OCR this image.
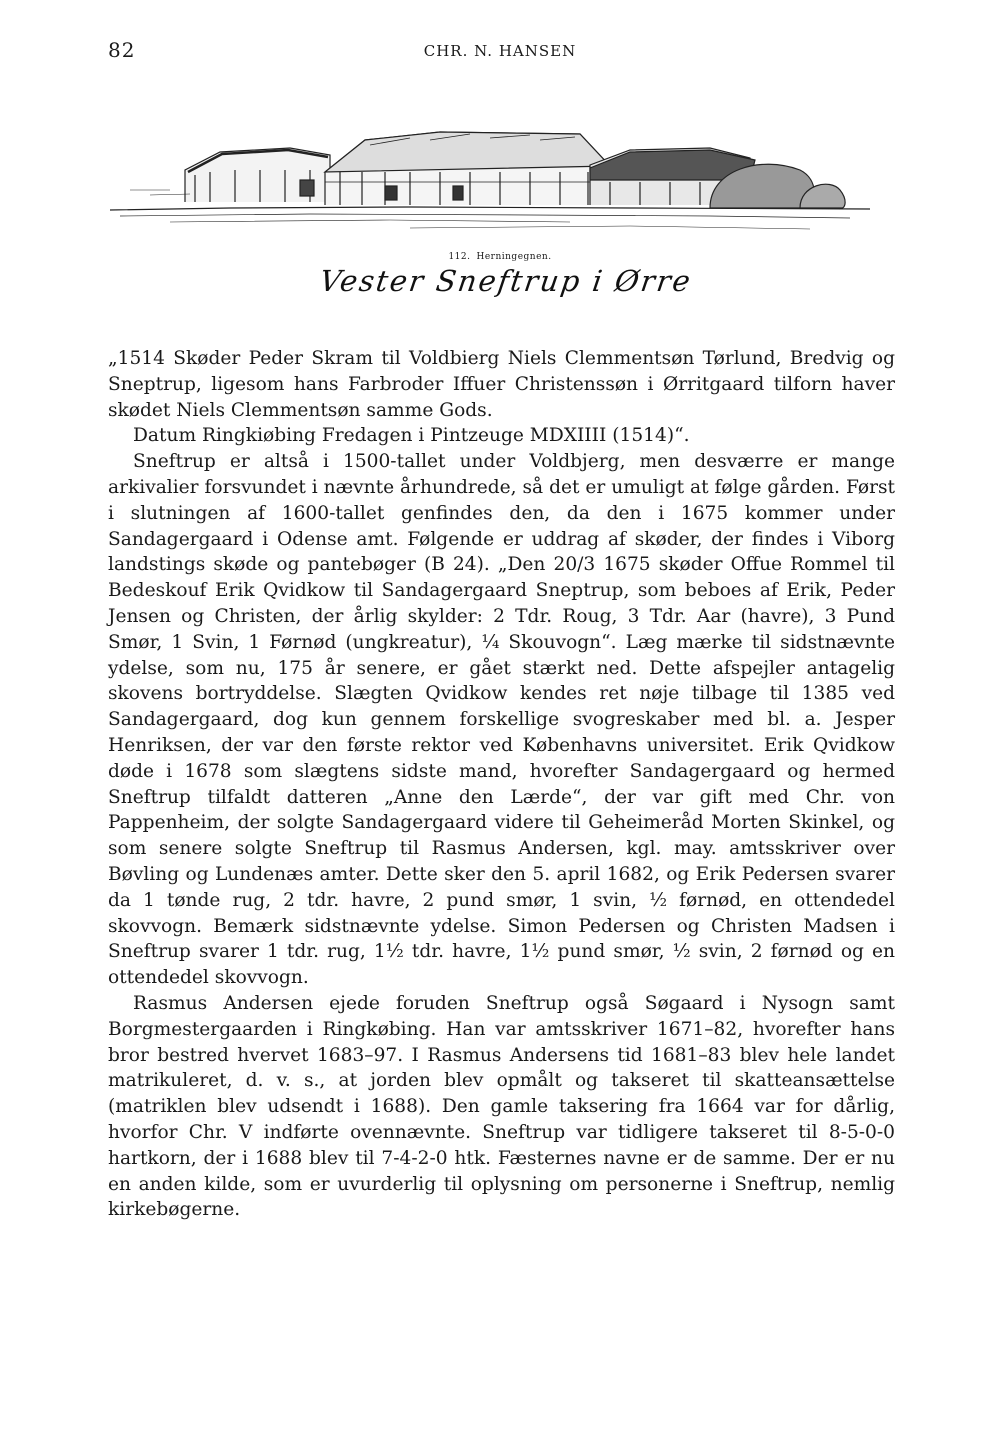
82	CHR. N. HANSEN
112. Herningegnen.
Vester Sneftrup i Ørre

„1514 Skøder Peder Skram til Voldbierg Niels Clemmentsøn Tørlund, Bredvig og Sneptrup, ligesom hans Farbroder Iffuer Christenssøn i Ørritgaard tilforn haver skødet Niels Clemmentsøn samme Gods.

Datum Ringkiøbing Fredagen i Pintzeuge MDXIIII (1514)“.

Sneftrup er altså i 1500-tallet under Voldbjerg, men desværre er mange arkivalier forsvundet i nævnte århundrede, så det er umuligt at følge gården. Først i slutningen af 1600-tallet genfindes den, da den i 1675 kommer under Sandagergaard i Odense amt. Følgende er uddrag af skøder, der findes i Viborg landstings skøde og pantebøger (B 24). „Den 20/3 1675 skøder Offue Rommel til Bedeskouf Erik Qvidkow til Sandagergaard Sneptrup, som beboes af Erik, Peder Jensen og Christen, der årlig skylder: 2 Tdr. Roug, 3 Tdr. Aar (havre), 3 Pund Smør, 1 Svin, 1 Førnød (ungkreatur), ¼ Skouvogn“. Læg mærke til sidstnævnte ydelse, som nu, 175 år senere, er gået stærkt ned. Dette afspejler antagelig skovens bortryddelse. Slægten Qvidkow kendes ret nøje tilbage til 1385 ved Sandagergaard, dog kun gennem forskellige svogreskaber med bl. a. Jesper Henriksen, der var den første rektor ved Københavns universitet. Erik Qvidkow døde i 1678 som slægtens sidste mand, hvorefter Sandagergaard og hermed Sneftrup tilfaldt datteren „Anne den Lærde“, der var gift med Chr. von Pappenheim, der solgte Sandagergaard videre til Geheimeråd Morten Skinkel, og som senere solgte Sneftrup til Rasmus Andersen, kgl. may. amtsskriver over Bøvling og Lundenæs amter. Dette sker den 5. april 1682, og Erik Pedersen svarer da 1 tønde rug, 2 tdr. havre, 2 pund smør, 1 svin, ½ førnød, en ottendedel skovvogn. Bemærk sidstnævnte ydelse. Simon Pedersen og Christen Madsen i Sneftrup svarer 1 tdr. rug, 1½ tdr. havre, 1½ pund smør, ½ svin, 2 førnød og en ottendedel skovvogn.

Rasmus Andersen ejede foruden Sneftrup også Søgaard i Nysogn samt Borgmestergaarden i Ringkøbing. Han var amtsskriver 1671–82, hvorefter hans bror bestred hvervet 1683–97. I Rasmus Andersens tid 1681–83 blev hele landet matrikuleret, d. v. s., at jorden blev opmålt og takseret til skatteansættelse (matriklen blev udsendt i 1688). Den gamle taksering fra 1664 var for dårlig, hvorfor Chr. V indførte ovennævnte. Sneftrup var tidligere takseret til 8-5-0-0 hartkorn, der i 1688 blev til 7-4-2-0 htk. Fæsternes navne er de samme. Der er nu en anden kilde, som er uvurderlig til oplysning om personerne i Sneftrup, nemlig kirkebøgerne.
